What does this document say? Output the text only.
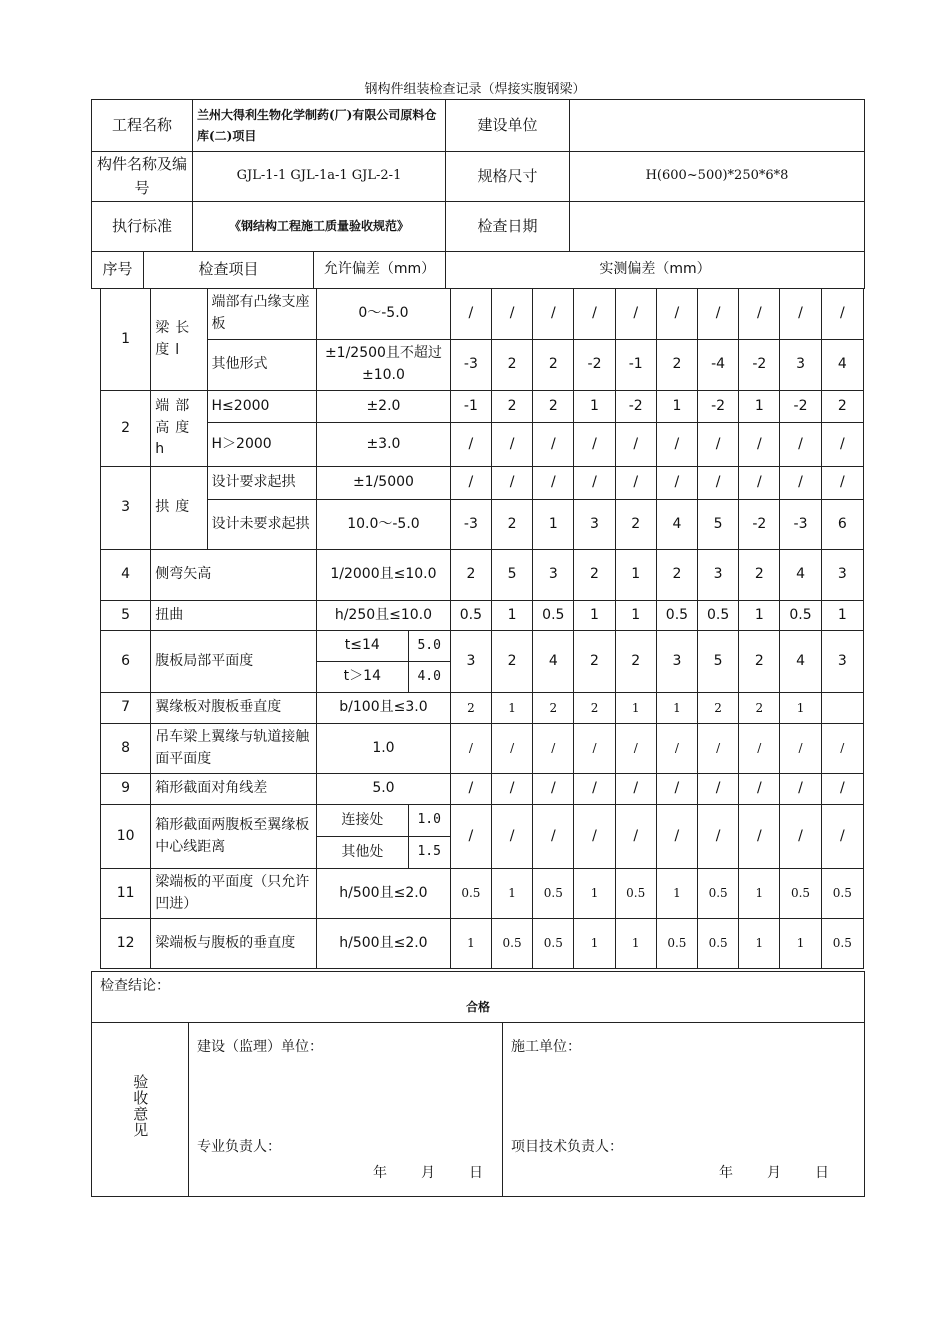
钢构件组装检查记录（焊接实腹钢梁）
工程名称	兰州大得利生物化学制药(厂)有限公司原料仓库(二)项目	建设单位	
构件名称及编号	GJL-1-1 GJL-1a-1 GJL-2-1	规格尺寸	H(600~500)*250*6*8
执行标准	《钢结构工程施工质量验收规范》	检查日期	
序号	检查项目	允许偏差（mm）	实测偏差（mm）
1	梁长度l	端部有凸缘支座板	0～-5.0		/	/	/	/	/	/	/	/	/	/
		其他形式	±1/2500且不超过±10.0		-3	2	2	-2	-1	2	-4	-2	3	4
2	端部高度h	H≤2000	±2.0		-1	2	2	1	-2	1	-2	1	-2	2
		H＞2000	±3.0		/	/	/	/	/	/	/	/	/	/
3	拱度	设计要求起拱	±1/5000		/	/	/	/	/	/	/	/	/	/
		设计未要求起拱	10.0～-5.0		-3	2	1	3	2	4	5	-2	-3	6
4	侧弯矢高		1/2000且≤10.0		2	5	3	2	1	2	3	2	4	3
5	扭曲		h/250且≤10.0		0.5	1	0.5	1	1	0.5	0.5	1	0.5	1
6	腹板局部平面度		t≤14	5.0	3	2	4	2	2	3	5	2	4	3
			t＞14	4.0										
7	翼缘板对腹板垂直度		b/100且≤3.0		2	1	2	2	1	1	2	2	1	
8	吊车梁上翼缘与轨道接触面平面度		1.0		/	/	/	/	/	/	/	/	/	/
9	箱形截面对角线差		5.0		/	/	/	/	/	/	/	/	/	/
10	箱形截面两腹板至翼缘板中心线距离		连接处	1.0	/	/	/	/	/	/	/	/	/	/
			其他处	1.5										
11	梁端板的平面度（只允许凹进）		h/500且≤2.0		0.5	1	0.5	1	0.5	1	0.5	1	0.5	0.5
12	梁端板与腹板的垂直度		h/500且≤2.0		1	0.5	0.5	1	1	0.5	0.5	1	1	0.5
检查结论：
合格

验收意见	
建设（监理）单位：
专业负责人：
年 月 日

施工单位：
项目技术负责人：
年 月 日
